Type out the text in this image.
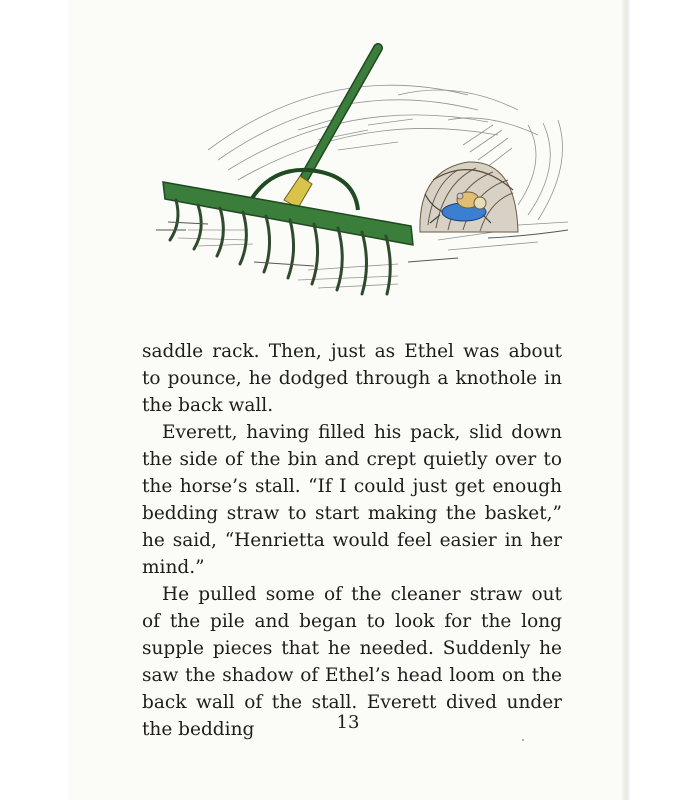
saddle rack. Then, just as Ethel was about to pounce, he dodged through a knothole in the back wall.

Everett, having filled his pack, slid down the side of the bin and crept quietly over to the horse’s stall. “If I could just get enough bedding straw to start making the basket,” he said, “Henrietta would feel easier in her mind.”

He pulled some of the cleaner straw out of the pile and began to look for the long supple pieces that he needed. Suddenly he saw the shadow of Ethel’s head loom on the back wall of the stall. Everett dived under the bedding	13
